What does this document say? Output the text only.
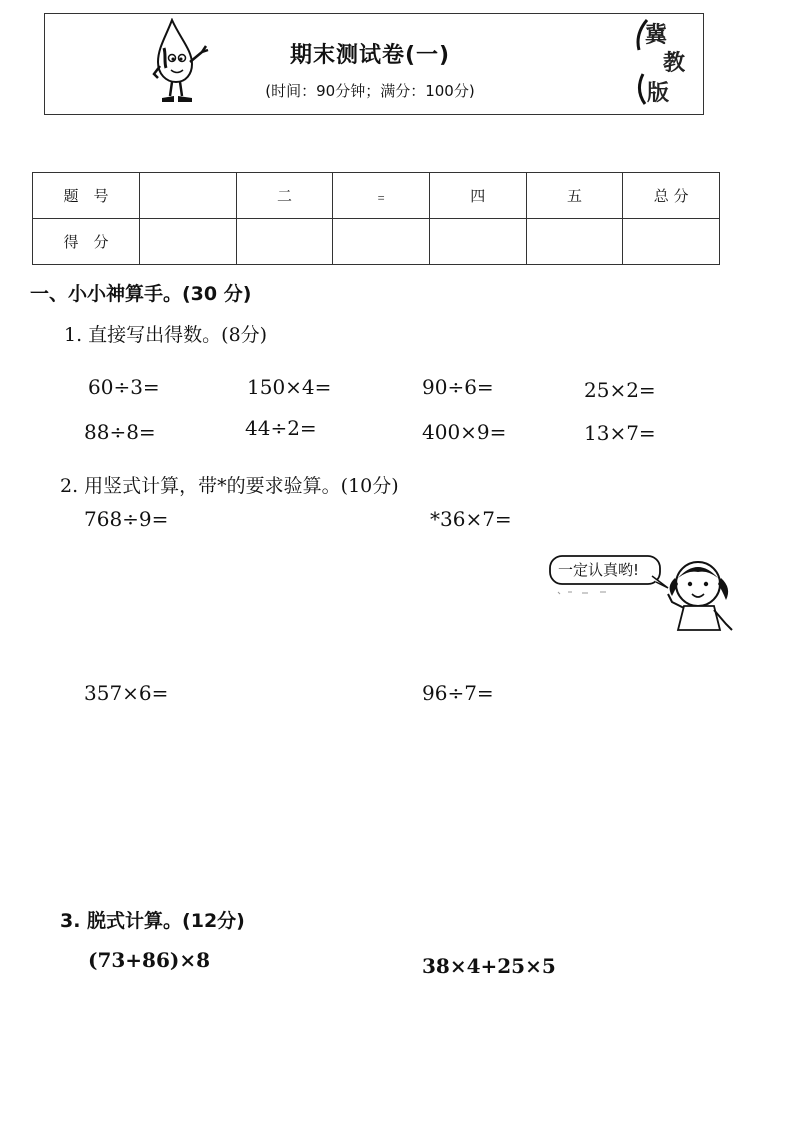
期末测试卷(一)
(时间：90分钟；满分：100分)
冀
教
版
题　号		二	﹦	四	五	总 分
得　分						
一、小小神算手。(30 分)
1. 直接写出得数。(8分)
60÷3=	150×4=	90÷6=	25×2=
88÷8=	44÷2=	400×9=	13×7=
2. 用竖式计算，带*的要求验算。(10分)
768÷9=	*36×7=
357×6=	96÷7=
一定认真哟!
3. 脱式计算。(12分)
(73+86)×8	38×4+25×5
